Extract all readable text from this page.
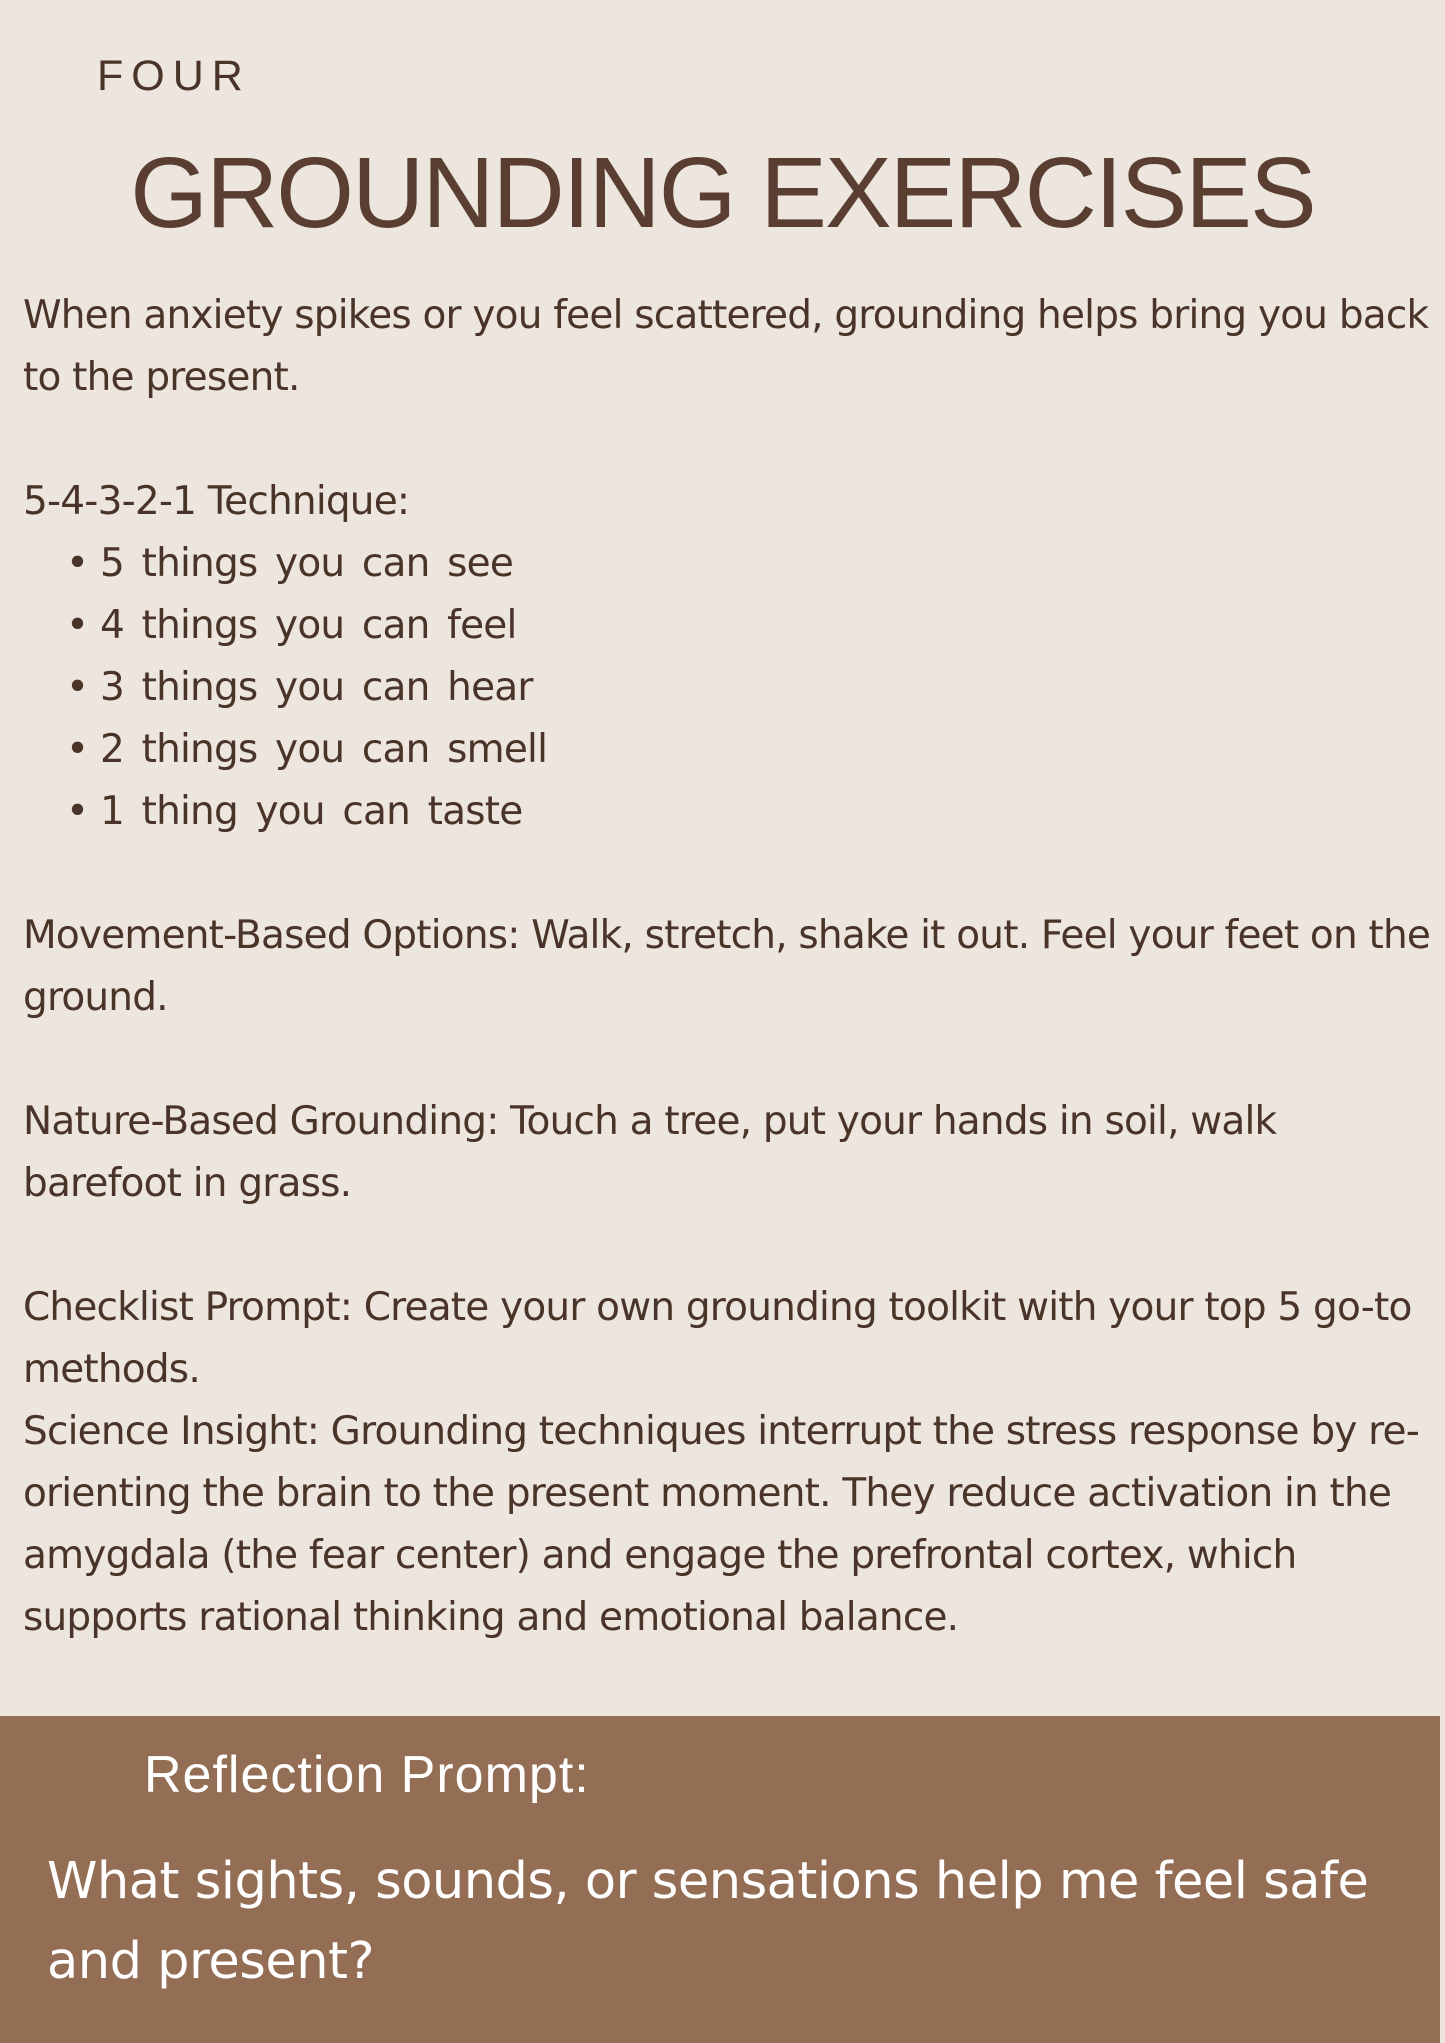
FOUR
GROUNDING EXERCISES

When anxiety spikes or you feel scattered, grounding helps bring you back to the present.

5-4-3-2-1 Technique:

• 5 things you can see
• 4 things you can feel
• 3 things you can hear
• 2 things you can smell
• 1 thing you can taste

Movement-Based Options: Walk, stretch, shake it out. Feel your feet on the ground.

Nature-Based Grounding: Touch a tree, put your hands in soil, walk barefoot in grass.

Checklist Prompt: Create your own grounding toolkit with your top 5 go-to methods.

Science Insight: Grounding techniques interrupt the stress response by re-orienting the brain to the present moment. They reduce activation in the amygdala (the fear center) and engage the prefrontal cortex, which supports rational thinking and emotional balance.

Reflection Prompt:
What sights, sounds, or sensations help me feel safe and present?
